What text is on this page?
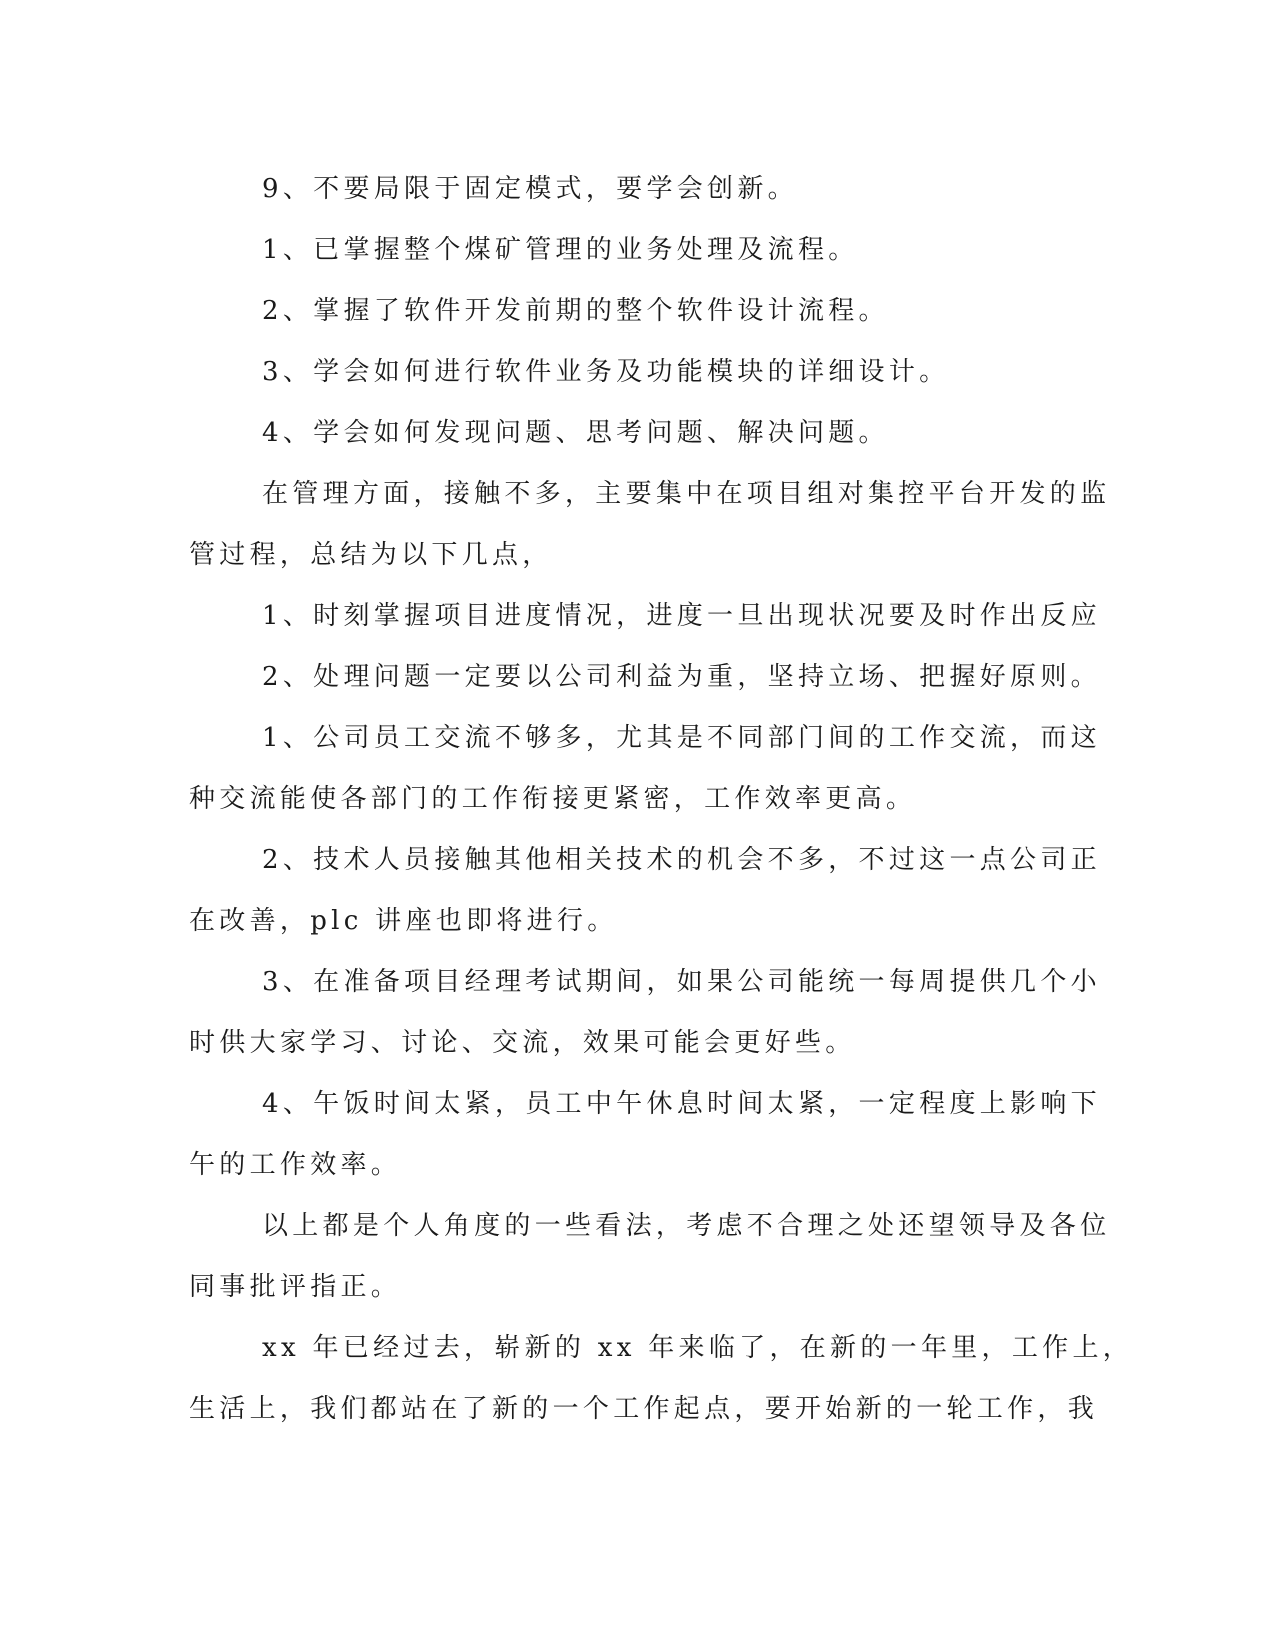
9、不要局限于固定模式，要学会创新。

1、已掌握整个煤矿管理的业务处理及流程。

2、掌握了软件开发前期的整个软件设计流程。

3、学会如何进行软件业务及功能模块的详细设计。

4、学会如何发现问题、思考问题、解决问题。

在管理方面，接触不多，主要集中在项目组对集控平台开发的监
管过程，总结为以下几点，

1、时刻掌握项目进度情况，进度一旦出现状况要及时作出反应

2、处理问题一定要以公司利益为重，坚持立场、把握好原则。

1、公司员工交流不够多，尤其是不同部门间的工作交流，而这
种交流能使各部门的工作衔接更紧密，工作效率更高。

2、技术人员接触其他相关技术的机会不多，不过这一点公司正
在改善，plc 讲座也即将进行。

3、在准备项目经理考试期间，如果公司能统一每周提供几个小
时供大家学习、讨论、交流，效果可能会更好些。

4、午饭时间太紧，员工中午休息时间太紧，一定程度上影响下
午的工作效率。

以上都是个人角度的一些看法，考虑不合理之处还望领导及各位
同事批评指正。

xx 年已经过去，崭新的 xx 年来临了，在新的一年里，工作上，
生活上，我们都站在了新的一个工作起点，要开始新的一轮工作，我
